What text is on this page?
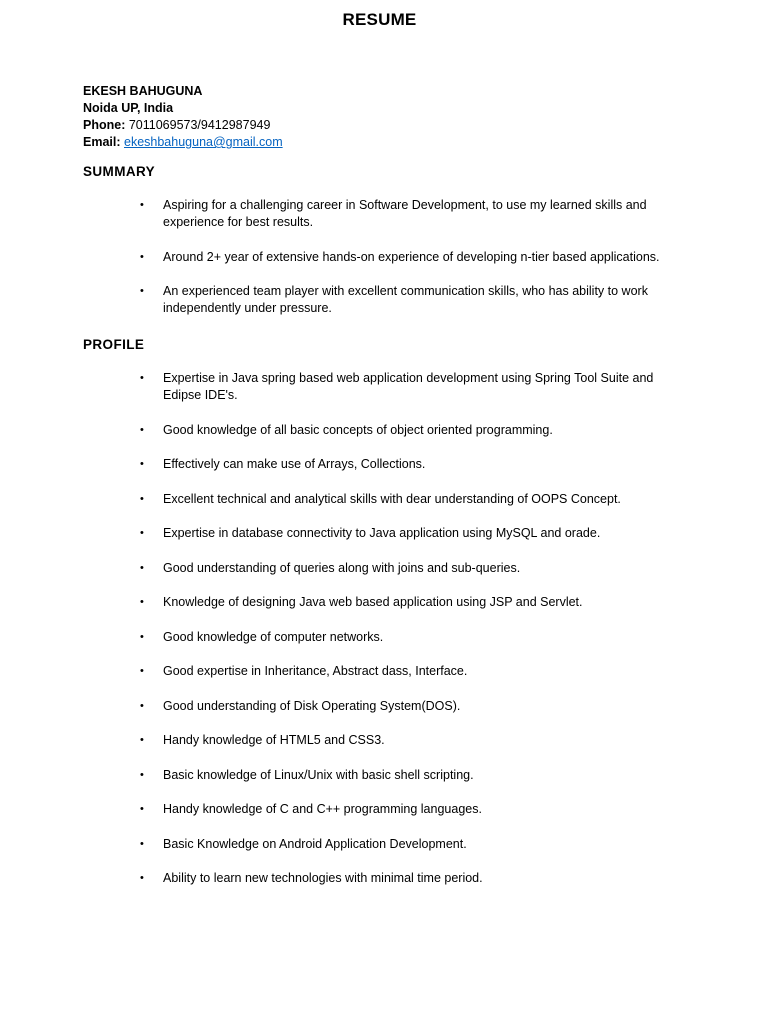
RESUME
EKESH BAHUGUNA
Noida UP, India
Phone: 7011069573/9412987949
Email: ekeshbahuguna@gmail.com
SUMMARY
•	Aspiring for a challenging career in Software Development, to use my learned skills and experience for best results.
•	Around 2+ year of extensive hands-on experience of developing n-tier based applications.
•	An experienced team player with excellent communication skills, who has ability to work independently under pressure.
PROFILE
•	Expertise in Java spring based web application development using Spring Tool Suite and Edipse IDE's.
•	Good knowledge of all basic concepts of object oriented programming.
•	Effectively can make use of Arrays, Collections.
•	Excellent technical and analytical skills with dear understanding of OOPS Concept.
•	Expertise in database connectivity to Java application using MySQL and orade.
•	Good understanding of queries along with joins and sub-queries.
•	Knowledge of designing Java web based application using JSP and Servlet.
•	Good knowledge of computer networks.
•	Good expertise in Inheritance, Abstract dass, Interface.
•	Good understanding of Disk Operating System(DOS).
•	Handy knowledge of HTML5 and CSS3.
•	Basic knowledge of Linux/Unix with basic shell scripting.
•	Handy knowledge of C and C++ programming languages.
•	Basic Knowledge on Android Application Development.
•	Ability to learn new technologies with minimal time period.
